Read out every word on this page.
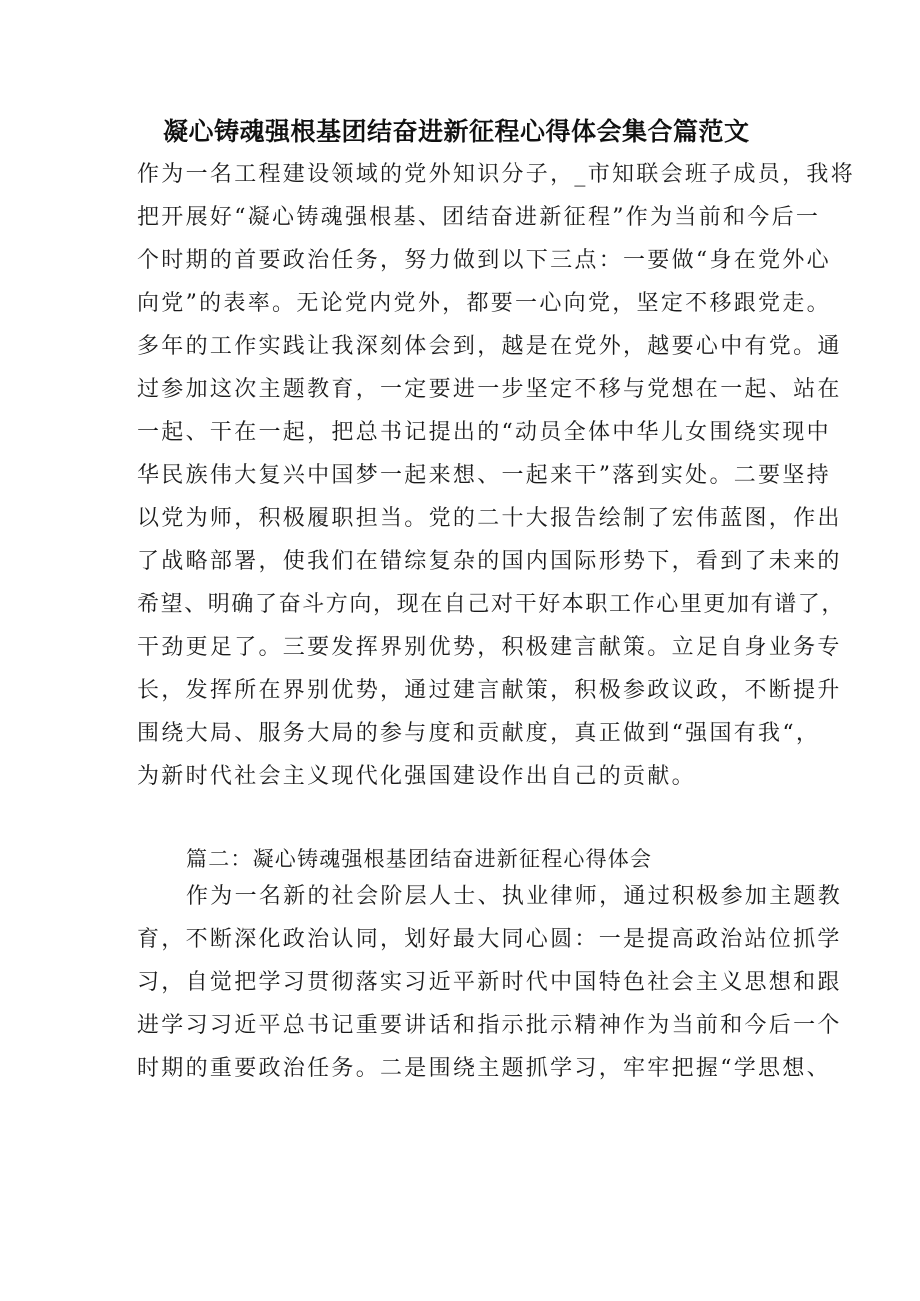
凝心铸魂强根基团结奋进新征程心得体会集合篇范文
作为一名工程建设领域的党外知识分子，_市知联会班子成员，我将
把开展好“凝心铸魂强根基、团结奋进新征程”作为当前和今后一
个时期的首要政治任务，努力做到以下三点：一要做“身在党外心
向党”的表率。无论党内党外，都要一心向党，坚定不移跟党走。
多年的工作实践让我深刻体会到，越是在党外，越要心中有党。通
过参加这次主题教育，一定要进一步坚定不移与党想在一起、站在
一起、干在一起，把总书记提出的“动员全体中华儿女围绕实现中
华民族伟大复兴中国梦一起来想、一起来干”落到实处。二要坚持
以党为师，积极履职担当。党的二十大报告绘制了宏伟蓝图，作出
了战略部署，使我们在错综复杂的国内国际形势下，看到了未来的
希望、明确了奋斗方向，现在自己对干好本职工作心里更加有谱了，
干劲更足了。三要发挥界别优势，积极建言献策。立足自身业务专
长，发挥所在界别优势，通过建言献策，积极参政议政，不断提升
围绕大局、服务大局的参与度和贡献度，真正做到“强国有我“，
为新时代社会主义现代化强国建设作出自己的贡献。
篇二：凝心铸魂强根基团结奋进新征程心得体会
作为一名新的社会阶层人士、执业律师，通过积极参加主题教
育，不断深化政治认同，划好最大同心圆：一是提高政治站位抓学
习，自觉把学习贯彻落实习近平新时代中国特色社会主义思想和跟
进学习习近平总书记重要讲话和指示批示精神作为当前和今后一个
时期的重要政治任务。二是围绕主题抓学习，牢牢把握“学思想、
